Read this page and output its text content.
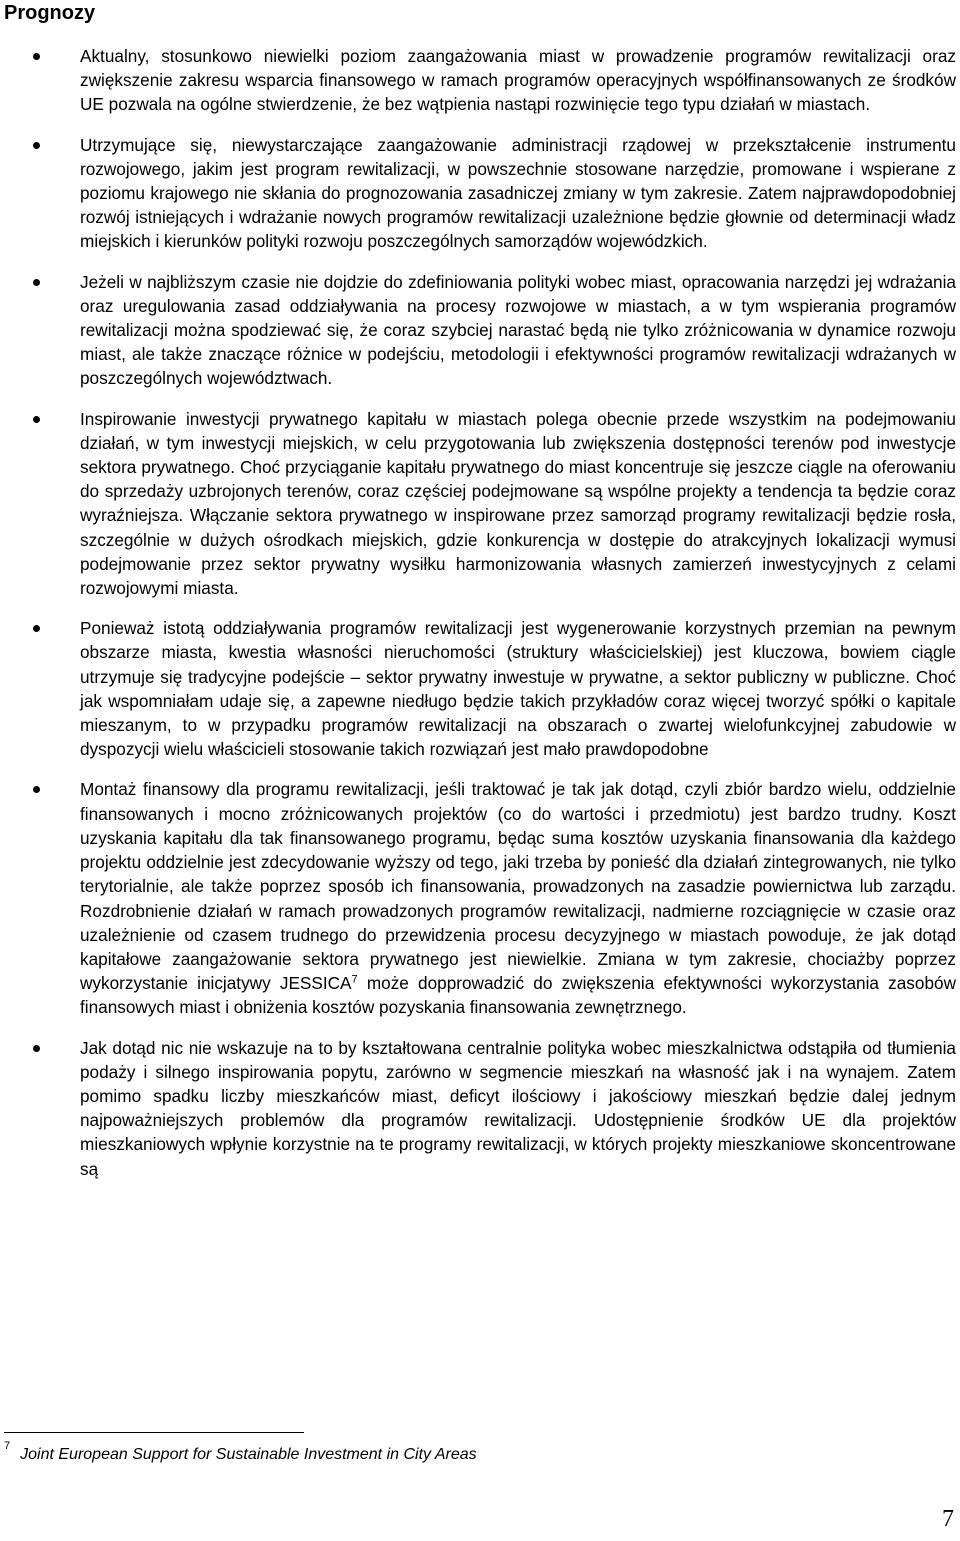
Prognozy
Aktualny, stosunkowo niewielki poziom zaangażowania miast w prowadzenie programów rewitalizacji oraz zwiększenie zakresu wsparcia finansowego w ramach programów operacyjnych współfinansowanych ze środków UE pozwala na ogólne stwierdzenie, że bez wątpienia nastąpi rozwinięcie tego typu działań w miastach.
Utrzymujące się, niewystarczające zaangażowanie administracji rządowej w przekształcenie instrumentu rozwojowego, jakim jest program rewitalizacji, w powszechnie stosowane narzędzie, promowane i wspierane z poziomu krajowego nie skłania do prognozowania zasadniczej zmiany w tym zakresie. Zatem najprawdopodobniej rozwój istniejących i wdrażanie nowych programów rewitalizacji uzależnione będzie głownie od determinacji władz miejskich i kierunków polityki rozwoju poszczególnych samorządów wojewódzkich.
Jeżeli w najbliższym czasie nie dojdzie do zdefiniowania polityki wobec miast, opracowania narzędzi jej wdrażania oraz uregulowania zasad oddziaływania na procesy rozwojowe w miastach, a w tym wspierania programów rewitalizacji można spodziewać się, że coraz szybciej narastać będą nie tylko zróżnicowania w dynamice rozwoju miast, ale także znaczące różnice w podejściu, metodologii i efektywności programów rewitalizacji wdrażanych w poszczególnych województwach.
Inspirowanie inwestycji prywatnego kapitału w miastach polega obecnie przede wszystkim na podejmowaniu działań, w tym inwestycji miejskich, w celu przygotowania lub zwiększenia dostępności terenów pod inwestycje sektora prywatnego. Choć przyciąganie kapitału prywatnego do miast koncentruje się jeszcze ciągle na oferowaniu do sprzedaży uzbrojonych terenów, coraz częściej podejmowane są wspólne projekty a tendencja ta będzie coraz wyraźniejsza. Włączanie sektora prywatnego w inspirowane przez samorząd programy rewitalizacji będzie rosła, szczególnie w dużych ośrodkach miejskich, gdzie konkurencja w dostępie do atrakcyjnych lokalizacji wymusi podejmowanie przez sektor prywatny wysiłku harmonizowania własnych zamierzeń inwestycyjnych z celami rozwojowymi miasta.
Ponieważ istotą oddziaływania programów rewitalizacji jest wygenerowanie korzystnych przemian na pewnym obszarze miasta, kwestia własności nieruchomości (struktury właścicielskiej) jest kluczowa, bowiem ciągle utrzymuje się tradycyjne podejście – sektor prywatny inwestuje w prywatne, a sektor publiczny w publiczne. Choć jak wspomniałam udaje się, a zapewne niedługo będzie takich przykładów coraz więcej tworzyć spółki o kapitale mieszanym, to w przypadku programów rewitalizacji na obszarach o zwartej wielofunkcyjnej zabudowie w dyspozycji wielu właścicieli stosowanie takich rozwiązań jest mało prawdopodobne
Montaż finansowy dla programu rewitalizacji, jeśli traktować je tak jak dotąd, czyli zbiór bardzo wielu, oddzielnie finansowanych i mocno zróżnicowanych projektów (co do wartości i przedmiotu) jest bardzo trudny. Koszt uzyskania kapitału dla tak finansowanego programu, będąc suma kosztów uzyskania finansowania dla każdego projektu oddzielnie jest zdecydowanie wyższy od tego, jaki trzeba by ponieść dla działań zintegrowanych, nie tylko terytorialnie, ale także poprzez sposób ich finansowania, prowadzonych na zasadzie powiernictwa lub zarządu. Rozdrobnienie działań w ramach prowadzonych programów rewitalizacji, nadmierne rozciągnięcie w czasie oraz uzależnienie od czasem trudnego do przewidzenia procesu decyzyjnego w miastach powoduje, że jak dotąd kapitałowe zaangażowanie sektora prywatnego jest niewielkie. Zmiana w tym zakresie, chociażby poprzez wykorzystanie inicjatywy JESSICA$^7$ może dopprowadzić do zwiększenia efektywności wykorzystania zasobów finansowych miast i obniżenia kosztów pozyskania finansowania zewnętrznego.
Jak dotąd nic nie wskazuje na to by kształtowana centralnie polityka wobec mieszkalnictwa odstąpiła od tłumienia podaży i silnego inspirowania popytu, zarówno w segmencie mieszkań na własność jak i na wynajem. Zatem pomimo spadku liczby mieszkańców miast, deficyt ilościowy i jakościowy mieszkań będzie dalej jednym najpoważniejszych problemów dla programów rewitalizacji. Udostępnienie środków UE dla projektów mieszkaniowych wpłynie korzystnie na te programy rewitalizacji, w których projekty mieszkaniowe skoncentrowane są
$^7$ Joint European Support for Sustainable Investment in City Areas
7
